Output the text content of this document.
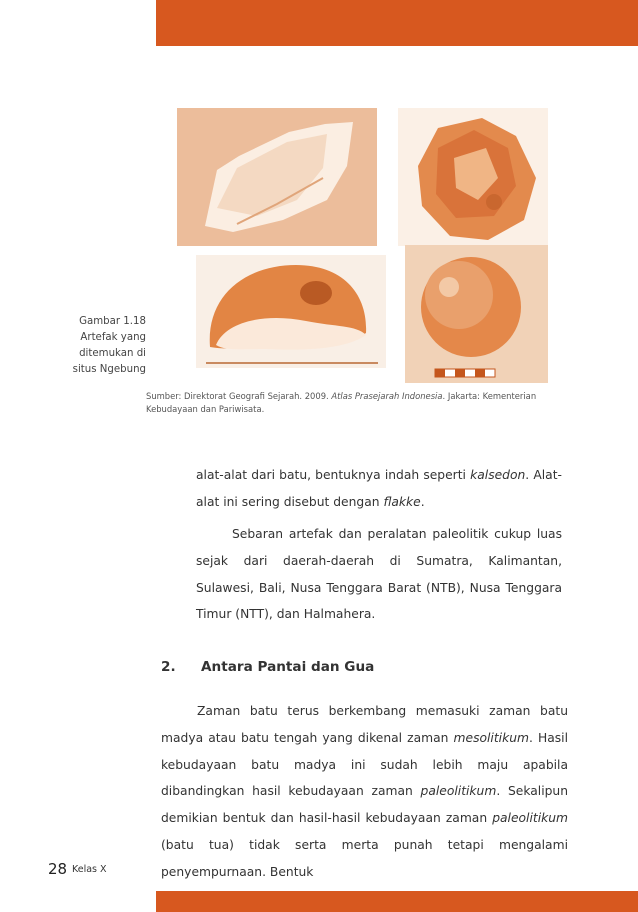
Gambar 1.18
Artefak yang
ditemukan di
situs Ngebung
Sumber: Direktorat Geografi Sejarah. 2009. Atlas Prasejarah Indonesia. Jakarta: Kementerian Kebudayaan dan Pariwisata.
alat-alat dari batu, bentuknya indah seperti kalsedon. Alat-alat ini sering disebut dengan flakke.
Sebaran artefak dan peralatan paleolitik cukup luas sejak dari daerah-daerah di Sumatra, Kalimantan, Sulawesi, Bali, Nusa Tenggara Barat (NTB), Nusa Tenggara Timur (NTT), dan Halmahera.
2. Antara Pantai dan Gua
Zaman batu terus berkembang memasuki zaman batu madya atau batu tengah yang dikenal zaman mesolitikum. Hasil kebudayaan batu madya ini sudah lebih maju apabila dibandingkan hasil kebudayaan zaman paleolitikum. Sekalipun demikian bentuk dan hasil-hasil kebudayaan zaman paleolitikum (batu tua) tidak serta merta punah tetapi mengalami penyempurnaan. Bentuk
28 Kelas X
